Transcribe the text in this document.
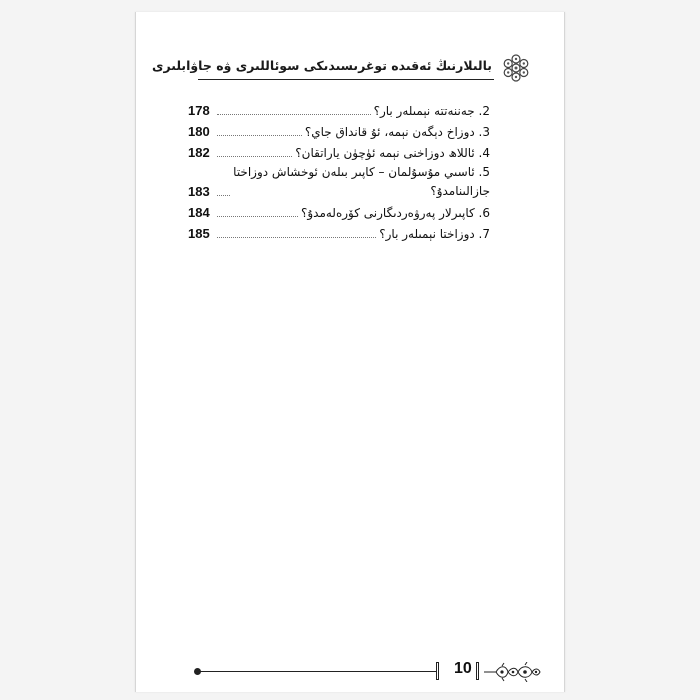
بالىلارنىڭ ئەقىدە توغرىسىدىكى سوئاللىرى ۋە جاۋابلىرى
2. جەننەتتە نېمىلەر بار؟
178
3. دوزاخ دېگەن نېمە، ئۇ قانداق جاي؟
180
4. ئاللاھ دوزاخنى نېمە ئۈچۈن ياراتقان؟
182
5. ئاسىي مۇسۇلمان – كاپىر بىلەن ئوخشاش دوزاختا
جازالىنامدۇ؟
183
6. كاپىرلار پەرۋەردىگارنى كۆرەلەمدۇ؟
184
7. دوزاختا نېمىلەر بار؟
185
10
